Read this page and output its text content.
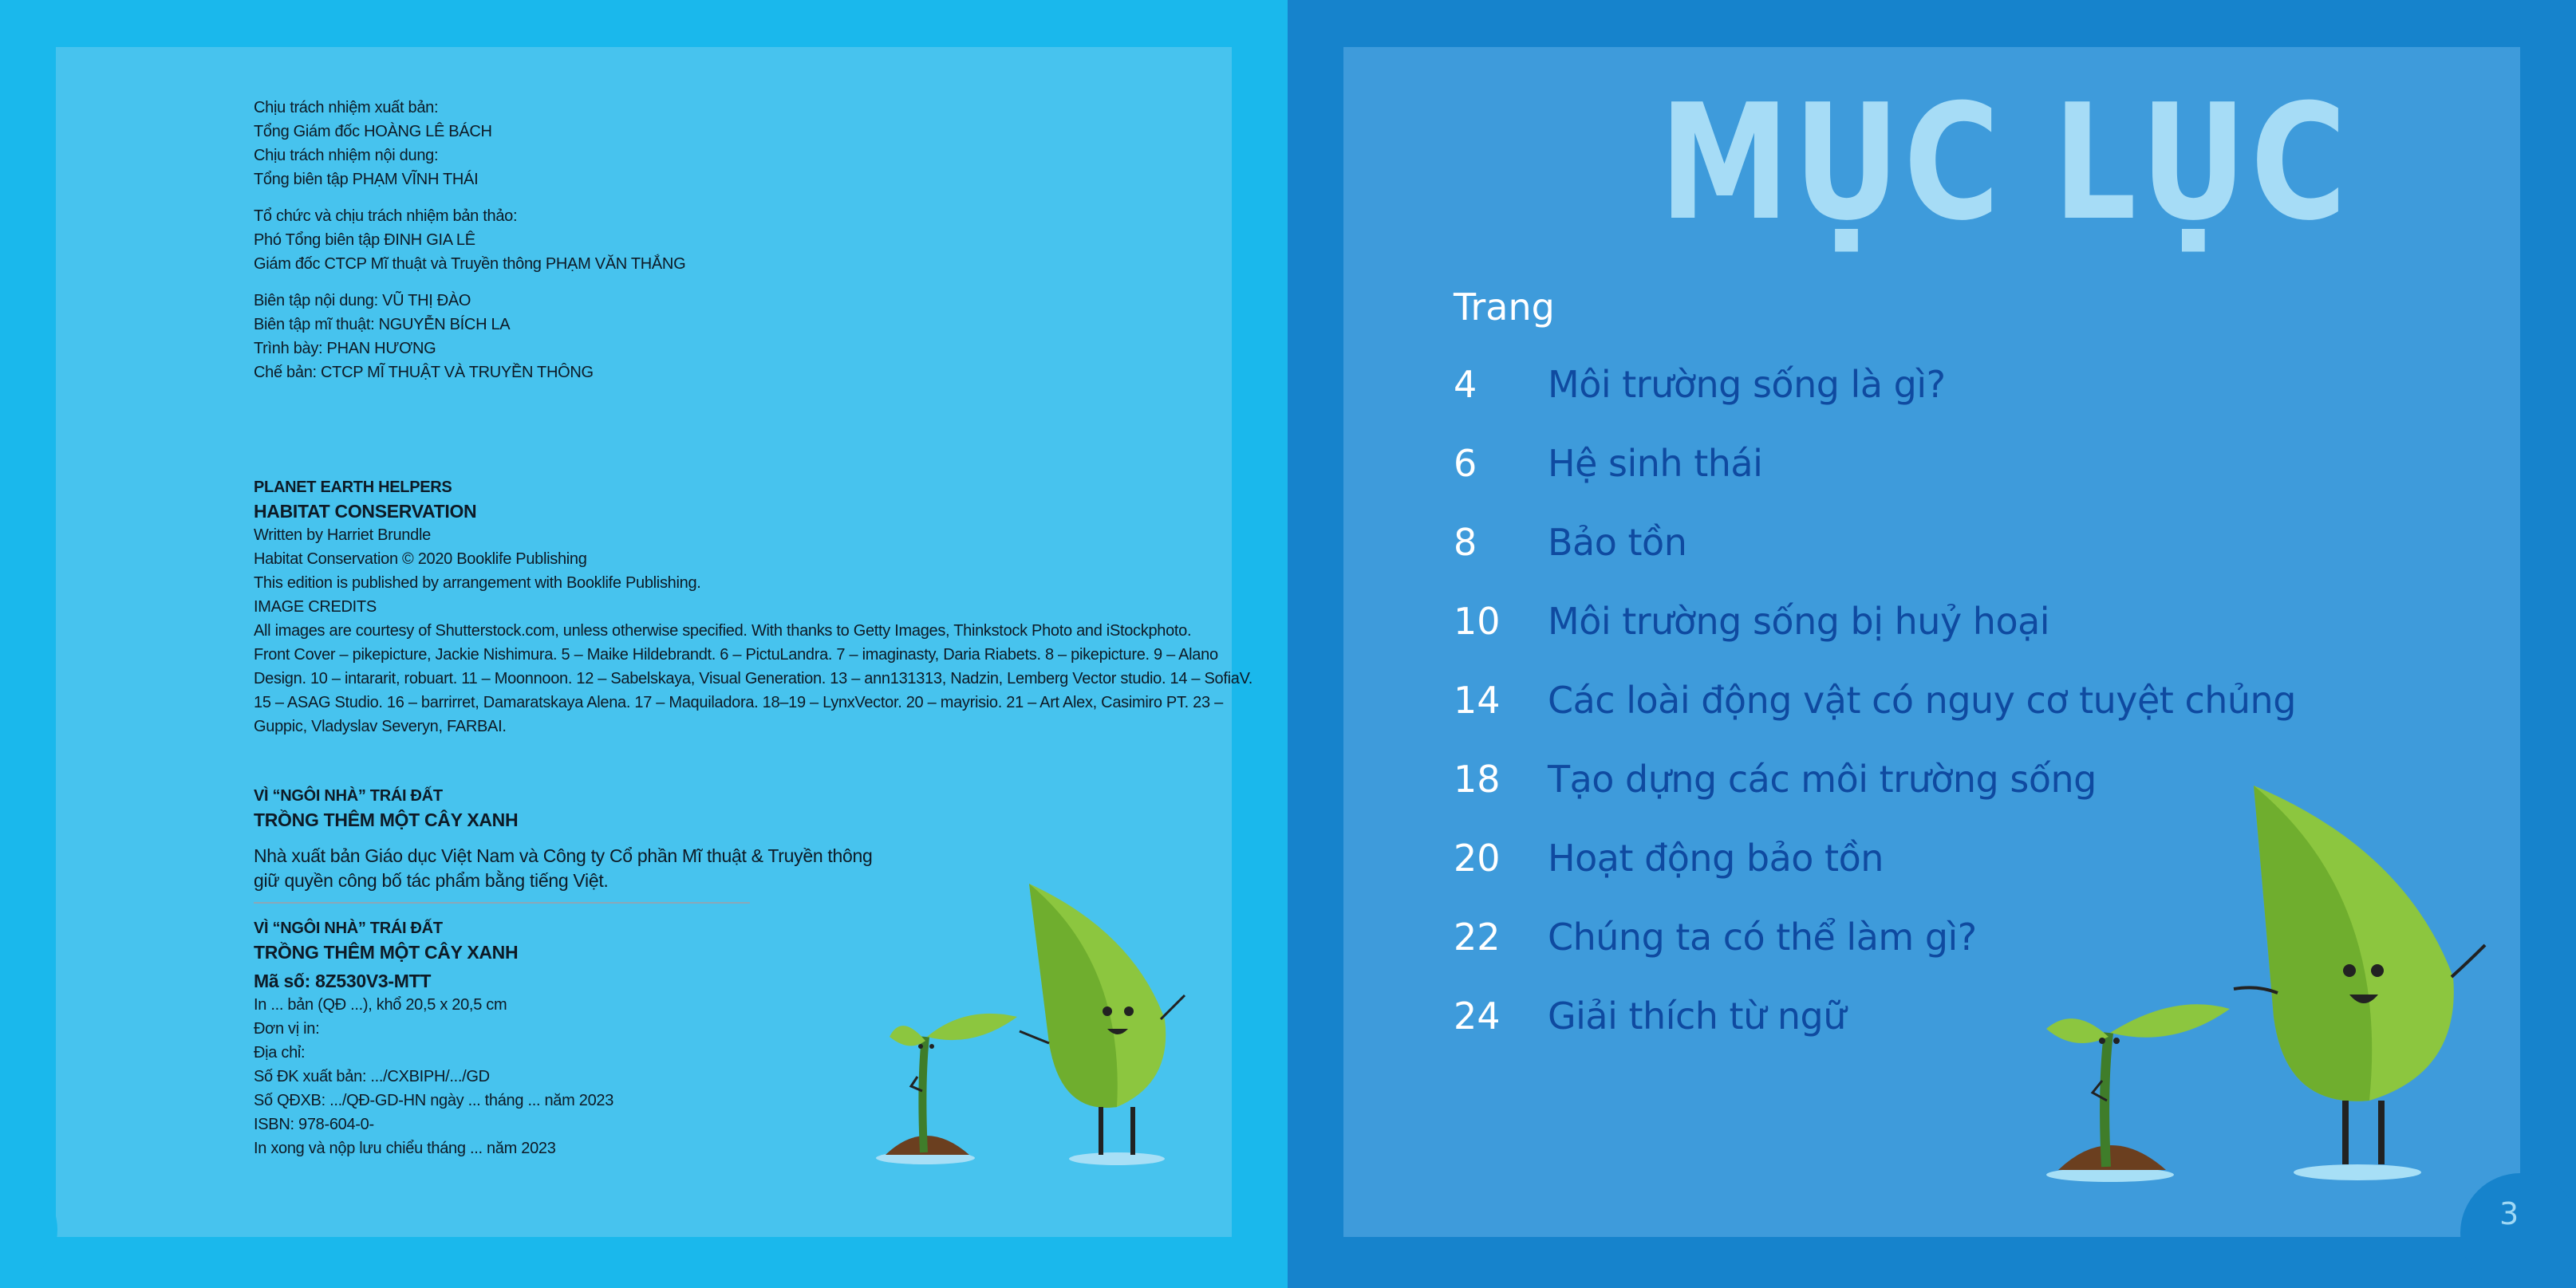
Chịu trách nhiệm xuất bản:
Tổng Giám đốc HOÀNG LÊ BÁCH
Chịu trách nhiệm nội dung:
Tổng biên tập PHẠM VĨNH THÁI
Tổ chức và chịu trách nhiệm bản thảo:
Phó Tổng biên tập ĐINH GIA LÊ
Giám đốc CTCP Mĩ thuật và Truyền thông PHẠM VĂN THẮNG
Biên tập nội dung: VŨ THỊ ĐÀO
Biên tập mĩ thuật: NGUYỄN BÍCH LA
Trình bày: PHAN HƯƠNG
Chế bản: CTCP MĨ THUẬT VÀ TRUYỀN THÔNG
PLANET EARTH HELPERS
HABITAT CONSERVATION
Written by Harriet Brundle
Habitat Conservation © 2020 Booklife Publishing
This edition is published by arrangement with Booklife Publishing.
IMAGE CREDITS
All images are courtesy of Shutterstock.com, unless otherwise specified. With thanks to Getty Images, Thinkstock Photo and iStockphoto.
Front Cover – pikepicture, Jackie Nishimura. 5 – Maike Hildebrandt. 6 – PictuLandra. 7 – imaginasty, Daria Riabets. 8 – pikepicture. 9 – Alano
Design. 10 – intararit, robuart. 11 – Moonnoon. 12 – Sabelskaya, Visual Generation. 13 – ann131313, Nadzin, Lemberg Vector studio. 14 – SofiaV.
15 – ASAG Studio. 16 – barrirret, Damaratskaya Alena. 17 – Maquiladora. 18–19 – LynxVector. 20 – mayrisio. 21 – Art Alex, Casimiro PT. 23 –
Guppic, Vladyslav Severyn, FARBAI.
VÌ “NGÔI NHÀ” TRÁI ĐẤT
TRỒNG THÊM MỘT CÂY XANH
Nhà xuất bản Giáo dục Việt Nam và Công ty Cổ phần Mĩ thuật & Truyền thông
giữ quyền công bố tác phẩm bằng tiếng Việt.
VÌ “NGÔI NHÀ” TRÁI ĐẤT
TRỒNG THÊM MỘT CÂY XANH
Mã số: 8Z530V3-MTT
In ... bản (QĐ ...), khổ 20,5 x 20,5 cm
Đơn vị in:
Địa chỉ:
Số ĐK xuất bản: .../CXBIPH/.../GD
Số QĐXB: .../QĐ-GD-HN ngày ... tháng ... năm 2023
ISBN: 978-604-0-
In xong và nộp lưu chiểu tháng ... năm 2023
MỤC LỤC
Trang
4 Môi trường sống là gì?
6 Hệ sinh thái
8 Bảo tồn
10 Môi trường sống bị huỷ hoại
14 Các loài động vật có nguy cơ tuyệt chủng
18 Tạo dựng các môi trường sống
20 Hoạt động bảo tồn
22 Chúng ta có thể làm gì?
24 Giải thích từ ngữ
3
